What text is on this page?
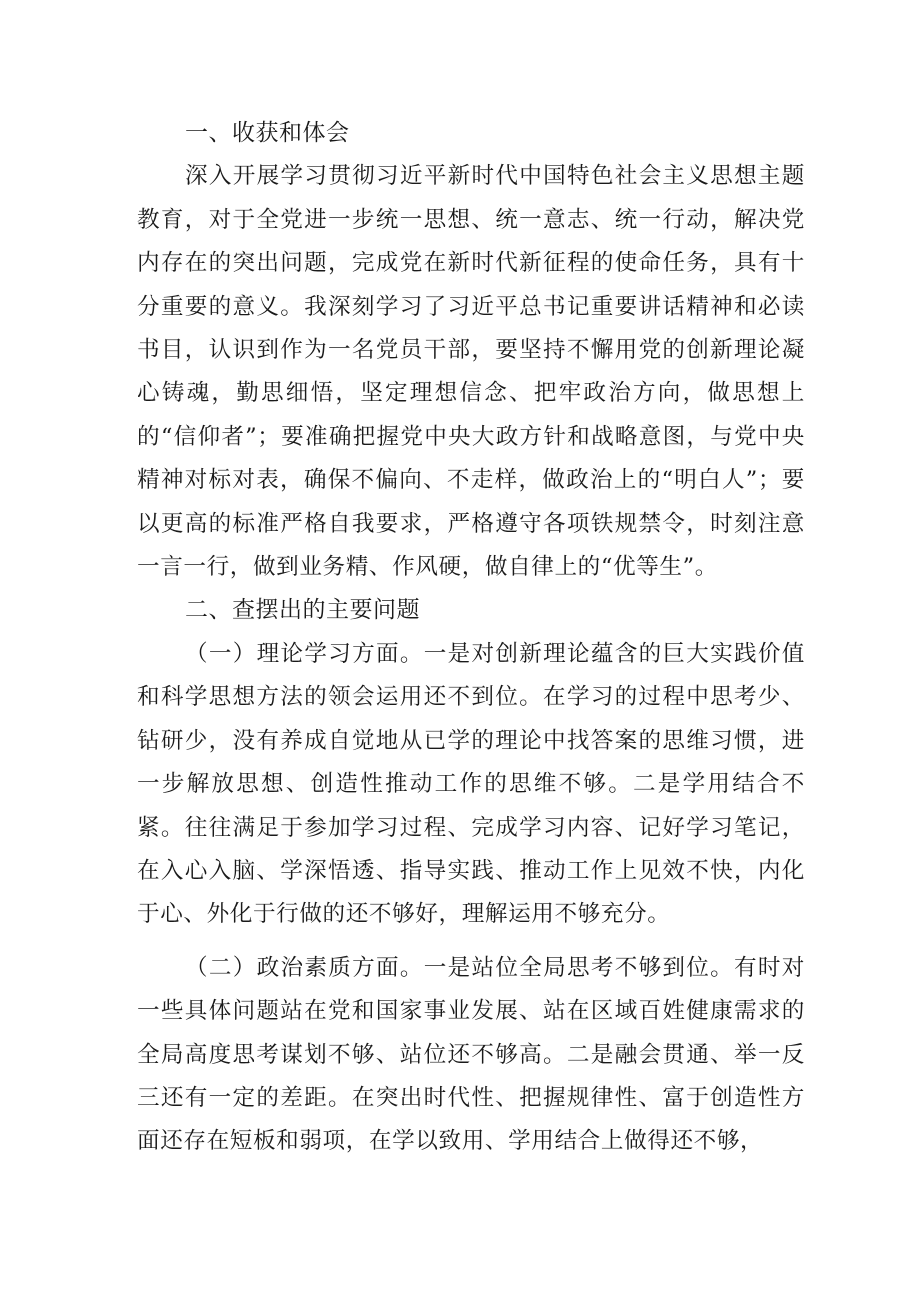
一、收获和体会

深入开展学习贯彻习近平新时代中国特色社会主义思想主题教育，对于全党进一步统一思想、统一意志、统一行动，解决党内存在的突出问题，完成党在新时代新征程的使命任务，具有十分重要的意义。我深刻学习了习近平总书记重要讲话精神和必读书目，认识到作为一名党员干部，要坚持不懈用党的创新理论凝心铸魂，勤思细悟，坚定理想信念、把牢政治方向，做思想上的“信仰者”；要准确把握党中央大政方针和战略意图，与党中央精神对标对表，确保不偏向、不走样，做政治上的“明白人”；要以更高的标准严格自我要求，严格遵守各项铁规禁令，时刻注意一言一行，做到业务精、作风硬，做自律上的“优等生”。

二、查摆出的主要问题

（一）理论学习方面。一是对创新理论蕴含的巨大实践价值和科学思想方法的领会运用还不到位。在学习的过程中思考少、钻研少，没有养成自觉地从已学的理论中找答案的思维习惯，进一步解放思想、创造性推动工作的思维不够。二是学用结合不紧。往往满足于参加学习过程、完成学习内容、记好学习笔记，在入心入脑、学深悟透、指导实践、推动工作上见效不快，内化于心、外化于行做的还不够好，理解运用不够充分。

（二）政治素质方面。一是站位全局思考不够到位。有时对一些具体问题站在党和国家事业发展、站在区域百姓健康需求的全局高度思考谋划不够、站位还不够高。二是融会贯通、举一反三还有一定的差距。在突出时代性、把握规律性、富于创造性方面还存在短板和弱项，在学以致用、学用结合上做得还不够，
